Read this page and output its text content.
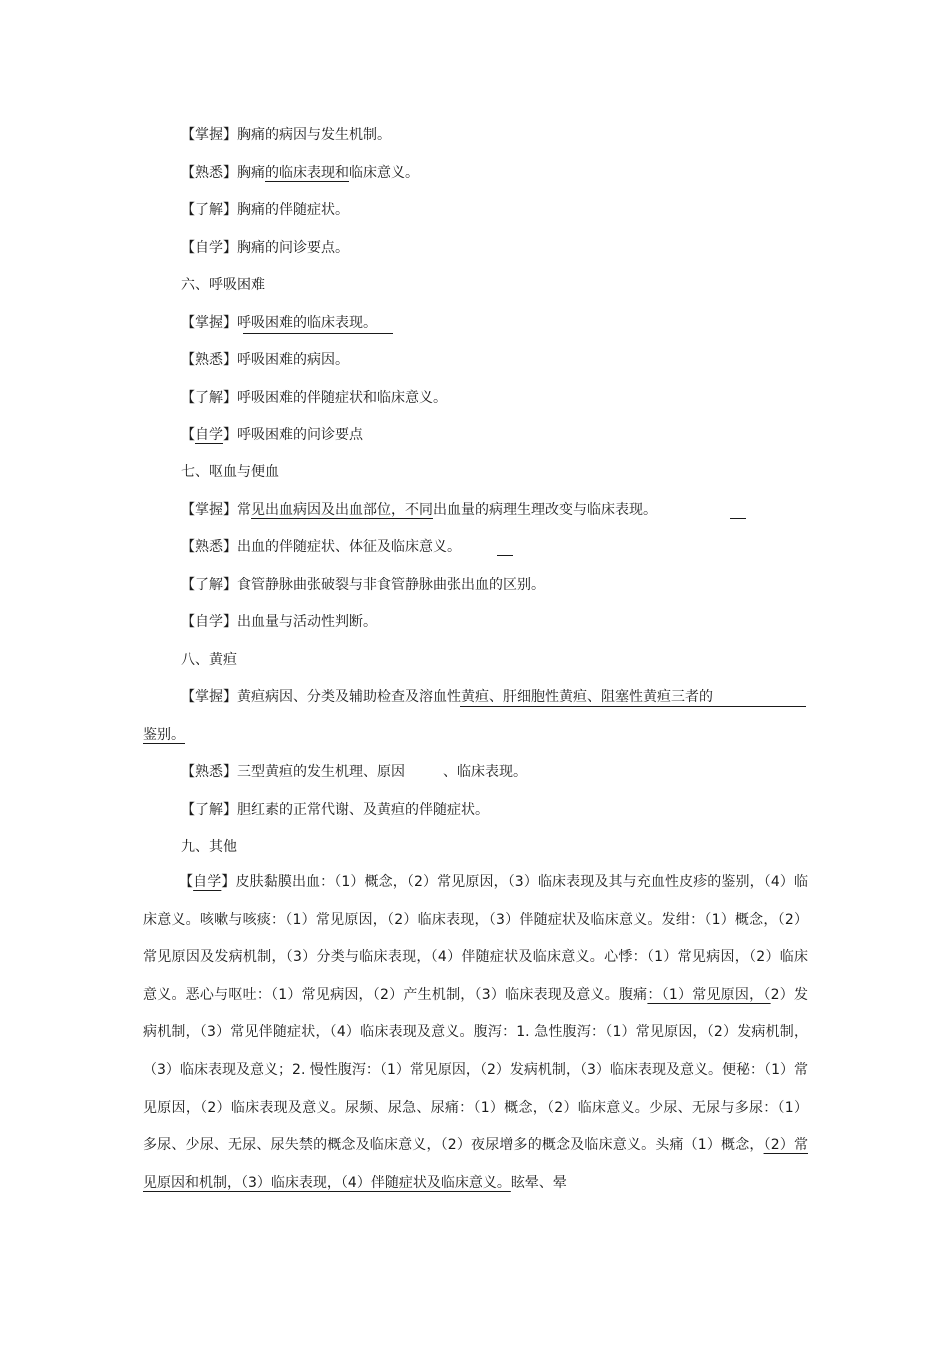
【掌握】胸痛的病因与发生机制。
【熟悉】胸痛的临床表现和临床意义。
【了解】胸痛的伴随症状。
【自学】胸痛的问诊要点。
六、呼吸困难
【掌握】呼吸困难的临床表现。
【熟悉】呼吸困难的病因。
【了解】呼吸困难的伴随症状和临床意义。
【自学】呼吸困难的问诊要点
七、呕血与便血
【掌握】常见出血病因及出血部位，不同出血量的病理生理改变与临床表现。
【熟悉】出血的伴随症状、体征及临床意义。
【了解】食管静脉曲张破裂与非食管静脉曲张出血的区别。
【自学】出血量与活动性判断。
八、黄疸
【掌握】黄疸病因、分类及辅助检查及溶血性黄疸、肝细胞性黄疸、阻塞性黄疸三者的
鉴别。
【熟悉】三型黄疸的发生机理、原因	、临床表现。
【了解】胆红素的正常代谢、及黄疸的伴随症状。
九、其他
【自学】皮肤黏膜出血：（1）概念，（2）常见原因，（3）临床表现及其与充血性皮疹的鉴别，（4）临床意义。咳嗽与咳痰：（1）常见原因，（2）临床表现，（3）伴随症状及临床意义。发绀：（1）概念，（2）常见原因及发病机制，（3）分类与临床表现，（4）伴随症状及临床意义。心悸：（1）常见病因，（2）临床意义。恶心与呕吐：（1）常见病因，（2）产生机制，（3）临床表现及意义。腹痛：（1）常见原因，（2）发病机制，（3）常见伴随症状，（4）临床表现及意义。腹泻：1. 急性腹泻：（1）常见原因，（2）发病机制，（3）临床表现及意义；2. 慢性腹泻：（1）常见原因，（2）发病机制，（3）临床表现及意义。便秘：（1）常见原因，（2）临床表现及意义。尿频、尿急、尿痛：（1）概念，（2）临床意义。少尿、无尿与多尿：（1）多尿、少尿、无尿、尿失禁的概念及临床意义，（2）夜尿增多的概念及临床意义。头痛（1）概念，（2）常见原因和机制，（3）临床表现，（4）伴随症状及临床意义。眩晕、晕
